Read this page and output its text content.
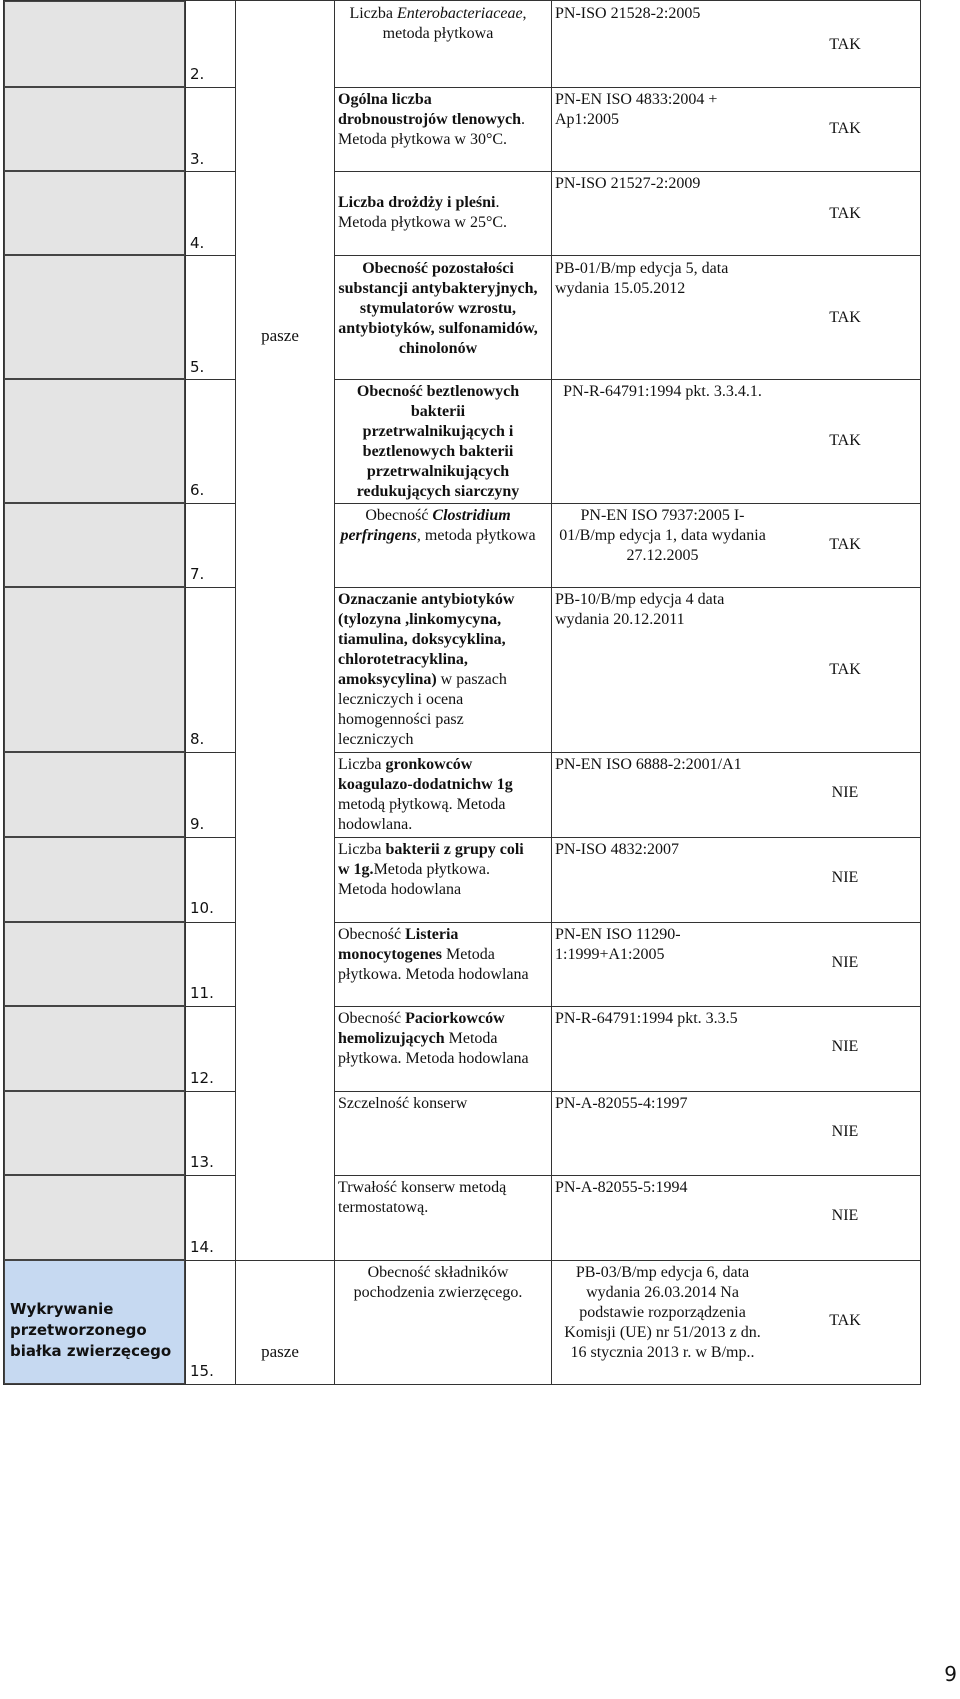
2.
3.
4.
5.
6.
7.
8.
9.
10.
11.
12.
13.
14.
15.
pasze
pasze
Wykrywanie przetworzonego białka zwierzęcego
Liczba Enterobacteriaceae, metoda płytkowa
Ogólna liczba drobnoustrojów tlenowych. Metoda płytkowa w 30°C.
Liczba drożdży i pleśni. Metoda płytkowa w 25°C.
Obecność pozostałości substancji antybakteryjnych, stymulatorów wzrostu, antybiotyków, sulfonamidów, chinolonów
Obecność beztlenowych bakterii przetrwalnikujących i beztlenowych bakterii przetrwalnikujących redukujących siarczyny
Obecność Clostridium perfringens, metoda płytkowa
Oznaczanie antybiotyków (tylozyna ,linkomycyna, tiamulina, doksycyklina, chlorotetracyklina, amoksycylina) w paszach leczniczych i ocena homogenności pasz leczniczych
Liczba gronkowców koagulazo-dodatnichw 1g metodą płytkową. Metoda hodowlana.
Liczba bakterii z grupy coli w 1g.Metoda płytkowa. Metoda hodowlana
Obecność Listeria monocytogenes Metoda płytkowa. Metoda hodowlana
Obecność Paciorkowców hemolizujących Metoda płytkowa. Metoda hodowlana
Szczelność konserw
Trwałość konserw metodą termostatową.
Obecność składników pochodzenia zwierzęcego.
PN-ISO 21528-2:2005
PN-EN ISO 4833:2004 + Ap1:2005
PN-ISO 21527-2:2009
PB-01/B/mp edycja 5, data wydania 15.05.2012
PN-R-64791:1994 pkt. 3.3.4.1.
PN-EN ISO 7937:2005 I-01/B/mp edycja 1, data wydania 27.12.2005
PB-10/B/mp edycja 4 data wydania 20.12.2011
PN-EN ISO 6888-2:2001/A1
PN-ISO 4832:2007
PN-EN ISO 11290-1:1999+A1:2005
PN-R-64791:1994 pkt. 3.3.5
PN-A-82055-4:1997
PN-A-82055-5:1994
PB-03/B/mp edycja 6, data wydania 26.03.2014 Na podstawie rozporządzenia Komisji (UE) nr 51/2013 z dn. 16 stycznia 2013 r. w B/mp..
TAK
TAK
TAK
TAK
TAK
TAK
TAK
NIE
NIE
NIE
NIE
NIE
NIE
TAK
9
